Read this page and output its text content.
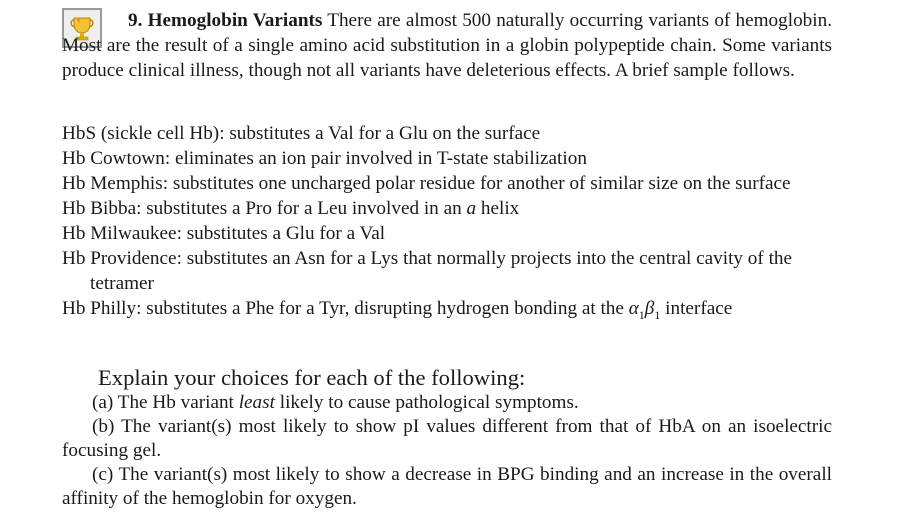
9. Hemoglobin Variants There are almost 500 naturally occurring variants of hemoglobin. Most are the result of a single amino acid substitution in a globin polypeptide chain. Some variants produce clinical illness, though not all variants have deleterious effects. A brief sample follows.
HbS (sickle cell Hb): substitutes a Val for a Glu on the surface
Hb Cowtown: eliminates an ion pair involved in T-state stabilization
Hb Memphis: substitutes one uncharged polar residue for another of similar size on the surface
Hb Bibba: substitutes a Pro for a Leu involved in an a helix
Hb Milwaukee: substitutes a Glu for a Val
Hb Providence: substitutes an Asn for a Lys that normally projects into the central cavity of the tetramer
Hb Philly: substitutes a Phe for a Tyr, disrupting hydrogen bonding at the $\alpha_1\beta_1$ interface
Explain your choices for each of the following:
(a) The Hb variant least likely to cause pathological symptoms.
(b) The variant(s) most likely to show pI values different from that of HbA on an isoelectric focusing gel.
(c) The variant(s) most likely to show a decrease in BPG binding and an increase in the overall affinity of the hemoglobin for oxygen.
